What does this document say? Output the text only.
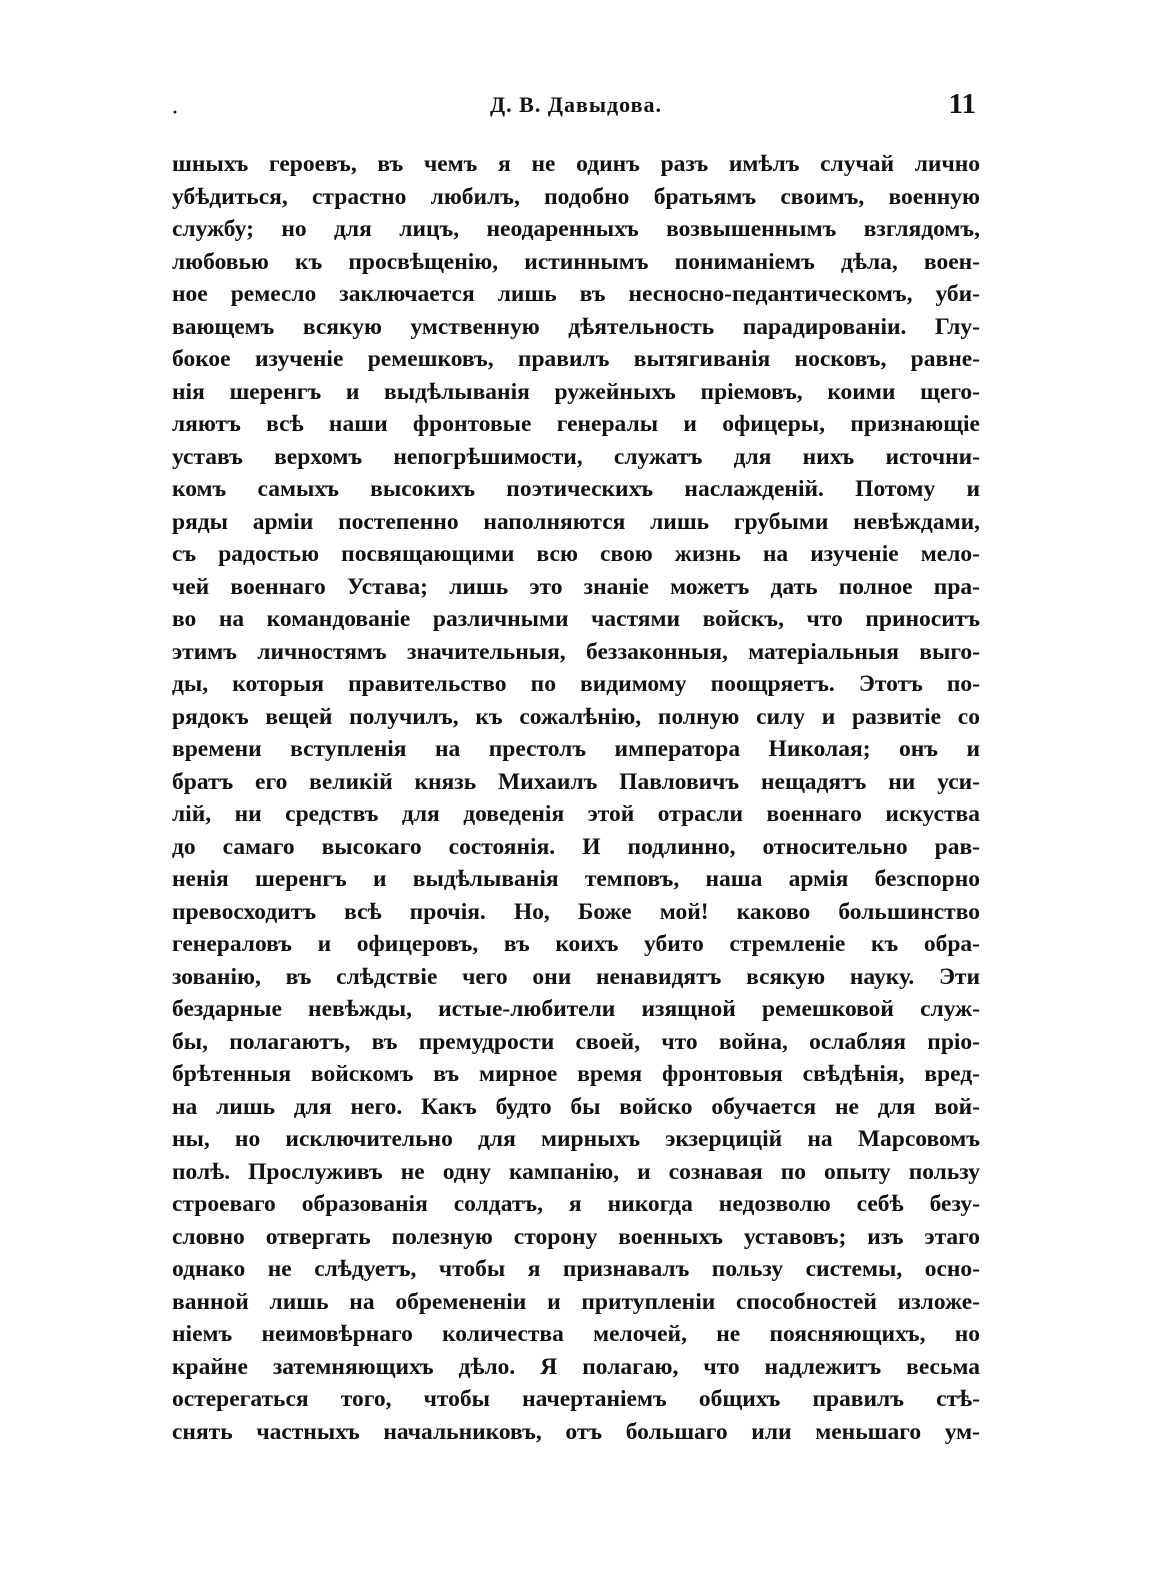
·	Д. В. Давыдова.	11
шныхъ героевъ, въ чемъ я не одинъ разъ имѣлъ случай лично
убѣдиться, страстно любилъ, подобно братьямъ своимъ, военную
службу; но для лицъ, неодаренныхъ возвышеннымъ взглядомъ,
любовью къ просвѣщенію, истиннымъ пониманіемъ дѣла, воен-
ное ремесло заключается лишь въ несносно-педантическомъ, уби-
вающемъ всякую умственную дѣятельность парадированіи. Глу-
бокое изученіе ремешковъ, правилъ вытягиванія носковъ, равне-
нія шеренгъ и выдѣлыванія ружейныхъ пріемовъ, коими щего-
ляютъ всѣ наши фронтовые генералы и офицеры, признающіе
уставъ верхомъ непогрѣшимости, служатъ для нихъ источни-
комъ самыхъ высокихъ поэтическихъ наслажденій. Потому и
ряды арміи постепенно наполняются лишь грубыми невѣждами,
съ радостью посвящающими всю свою жизнь на изученіе мело-
чей военнаго Устава; лишь это знаніе можетъ дать полное пра-
во на командованіе различными частями войскъ, что приноситъ
этимъ личностямъ значительныя, беззаконныя, матеріальныя выго-
ды, которыя правительство по видимому поощряетъ. Этотъ по-
рядокъ вещей получилъ, къ сожалѣнію, полную силу и развитіе со
времени вступленія на престолъ императора Николая; онъ и
братъ его великій князь Михаилъ Павловичъ нещадятъ ни уси-
лій, ни средствъ для доведенія этой отрасли военнаго искуства
до самаго высокаго состоянія. И подлинно, относительно рав-
ненія шеренгъ и выдѣлыванія темповъ, наша армія безспорно
превосходитъ всѣ прочія. Но, Боже мой! каково большинство
генераловъ и офицеровъ, въ коихъ убито стремленіе къ обра-
зованію, въ слѣдствіе чего они ненавидятъ всякую науку. Эти
бездарные невѣжды, истые-любители изящной ремешковой служ-
бы, полагаютъ, въ премудрости своей, что война, ослабляя пріо-
брѣтенныя войскомъ въ мирное время фронтовыя свѣдѣнія, вред-
на лишь для него. Какъ будто бы войско обучается не для вой-
ны, но исключительно для мирныхъ экзерцицій на Марсовомъ
полѣ. Прослуживъ не одну кампанію, и сознавая по опыту пользу
строеваго образованія солдатъ, я никогда недозволю себѣ безу-
словно отвергать полезную сторону военныхъ уставовъ; изъ этаго
однако не слѣдуетъ, чтобы я признавалъ пользу системы, осно-
ванной лишь на обремененіи и притупленіи способностей изложе-
ніемъ неимовѣрнаго количества мелочей, не поясняющихъ, но
крайне затемняющихъ дѣло. Я полагаю, что надлежитъ весьма
остерегаться того, чтобы начертаніемъ общихъ правилъ стѣ-
снять частныхъ начальниковъ, отъ большаго или меньшаго ум-
